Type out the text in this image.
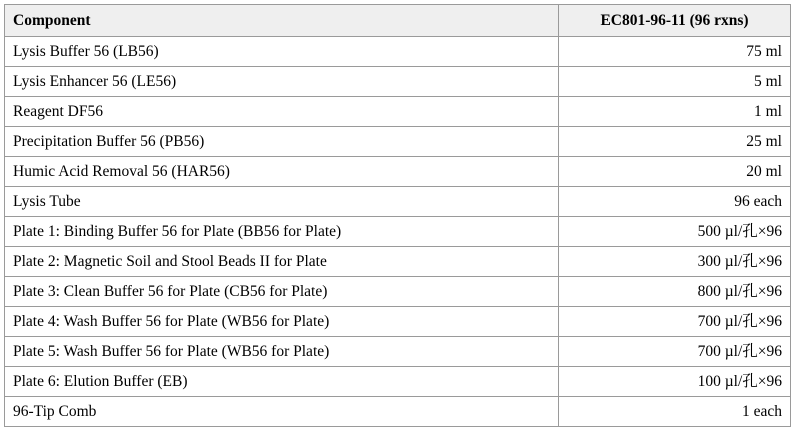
Component	EC801-96-11 (96 rxns)
Lysis Buffer 56 (LB56)	75 ml
Lysis Enhancer 56 (LE56)	5 ml
Reagent DF56	1 ml
Precipitation Buffer 56 (PB56)	25 ml
Humic Acid Removal 56 (HAR56)	20 ml
Lysis Tube	96 each
Plate 1: Binding Buffer 56 for Plate (BB56 for Plate)	500 µl/孔×96
Plate 2: Magnetic Soil and Stool Beads II for Plate	300 µl/孔×96
Plate 3: Clean Buffer 56 for Plate (CB56 for Plate)	800 µl/孔×96
Plate 4: Wash Buffer 56 for Plate (WB56 for Plate)	700 µl/孔×96
Plate 5: Wash Buffer 56 for Plate (WB56 for Plate)	700 µl/孔×96
Plate 6: Elution Buffer (EB)	100 µl/孔×96
96-Tip Comb	1 each
